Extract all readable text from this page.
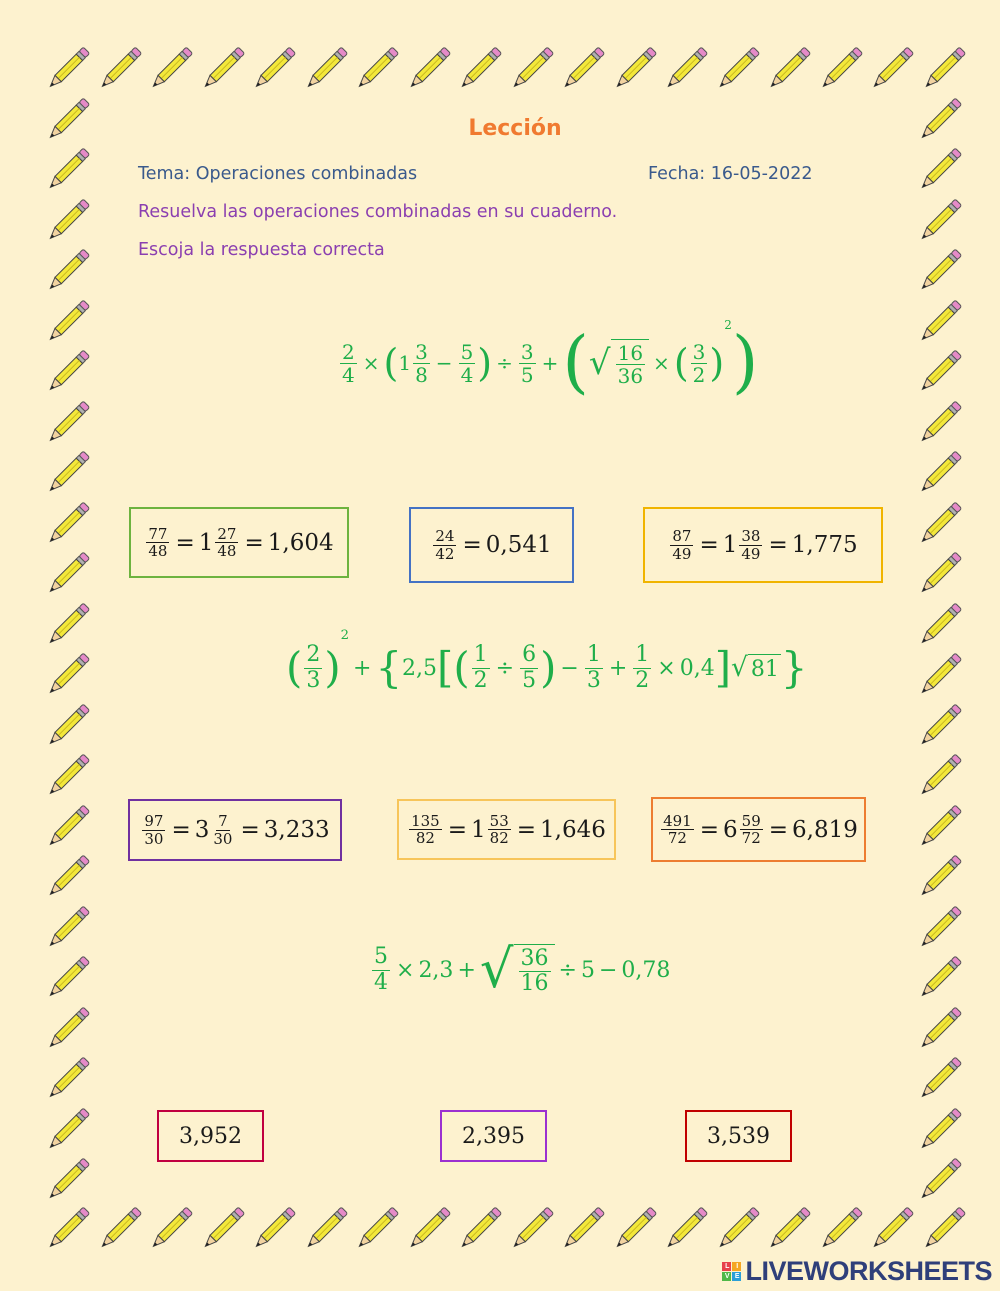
Lección
Tema: Operaciones combinadas	Fecha: 16-05-2022
Resuelva las operaciones combinadas en su cuaderno.
Escoja la respuesta correcta
$\frac{2}{4}$ × ( $1 \frac{3}{8} - \frac{5}{4}$ ) ÷ $\frac{3}{5}$ + ( √ $\frac{16}{36}$ × ( $\frac{3}{2}$ )
2 )
$\frac{77}{48} = 1 \frac{27}{48} = 1,604$	$\frac{24}{42} = 0,541$	$\frac{87}{49} = 1 \frac{38}{49} = 1,775$
( $\frac{2}{3}$ )
2
+ { 2,5 [ ( $\frac{1}{2} \div \frac{6}{5}$ ) − $\frac{1}{3} + \frac{1}{2} \times 0,4$ ] √ 81 }
$\frac{97}{30} = 3 \frac{7}{30} = 3,233$	$\frac{135}{82} = 1 \frac{53}{82} = 1,646$	$\frac{491}{72} = 6 \frac{59}{72} = 6,819$
$\frac{5}{4} \times 2,3$ + √ $\frac{36}{16} \div 5 - 0,78$
3,952	2,395	3,539
L	I
V E LIVEWORKSHEETS
